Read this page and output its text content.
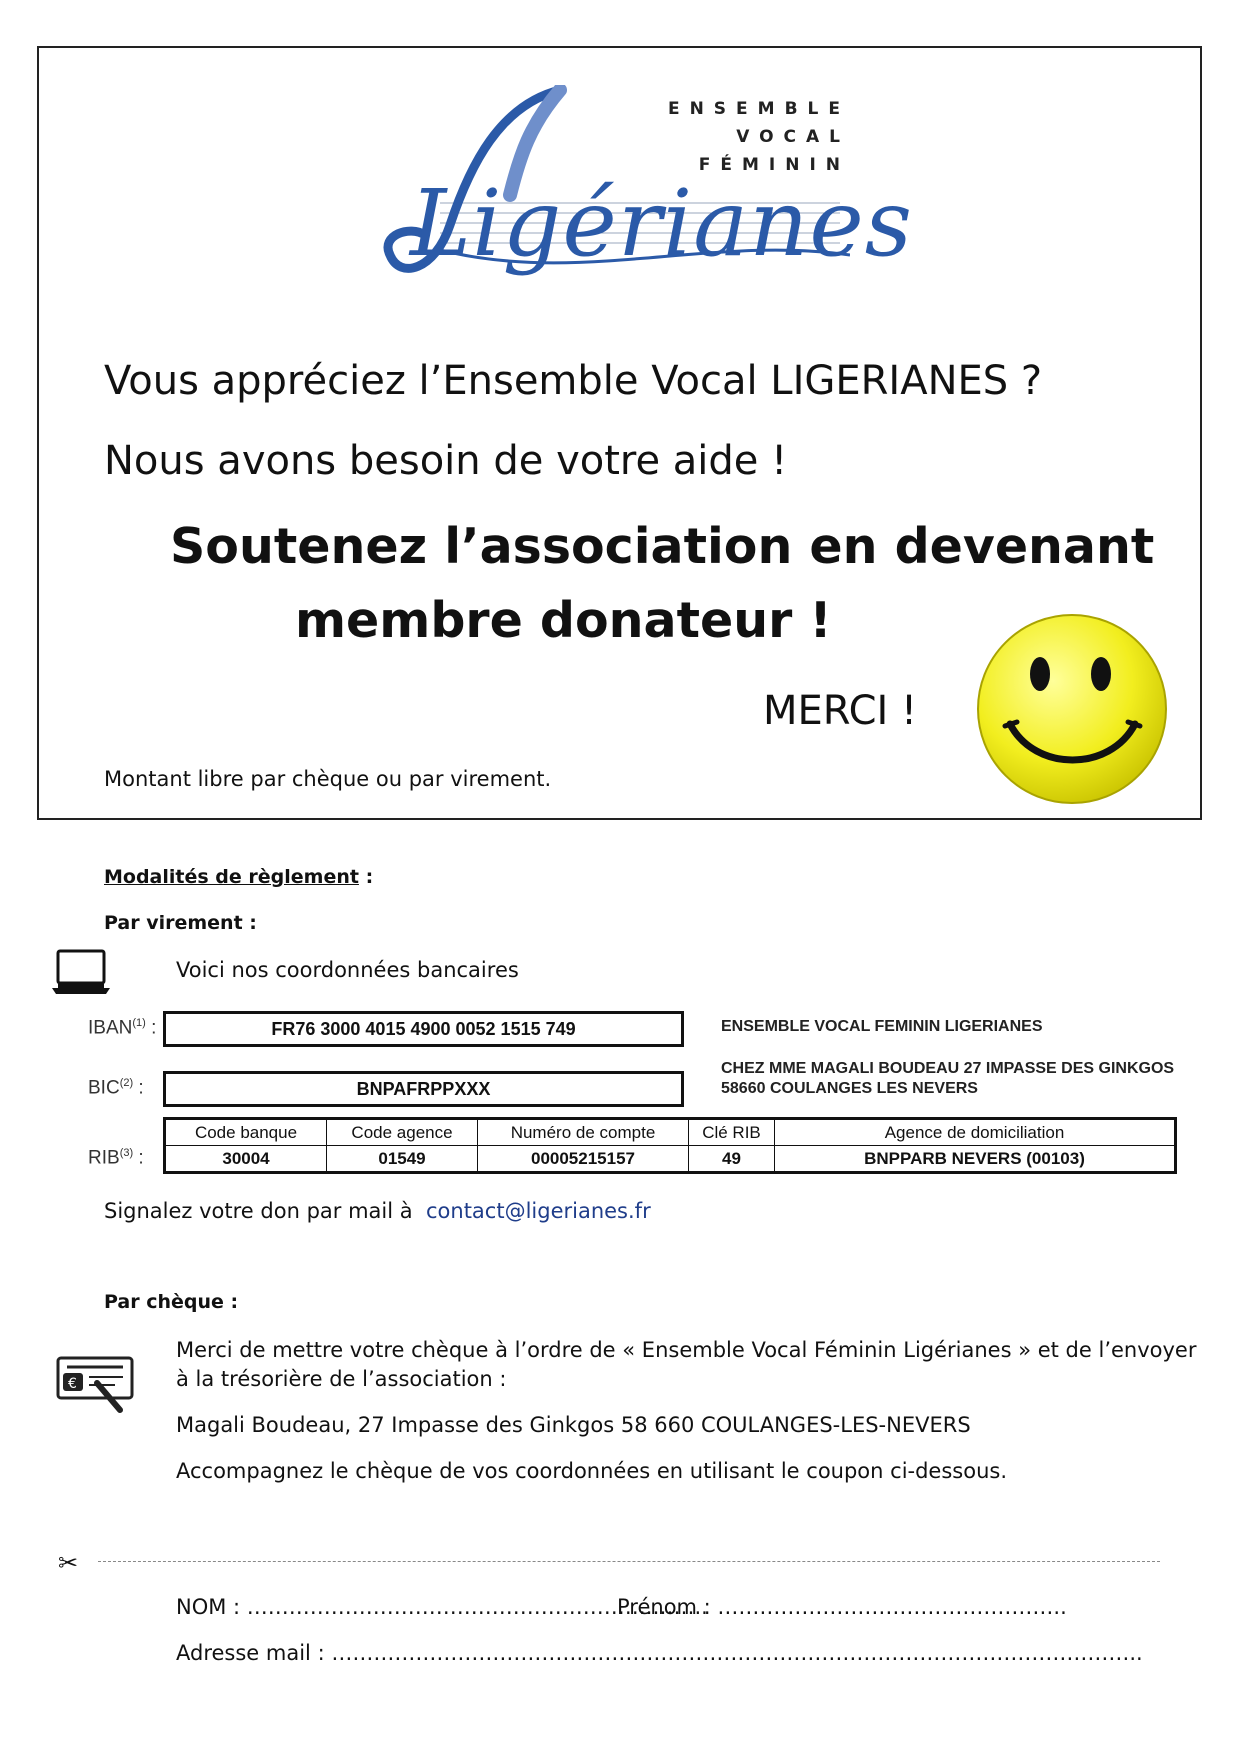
Ligérianes
ENSEMBLE
VOCAL
FÉMININ
Vous appréciez l’Ensemble Vocal LIGERIANES ?
Nous avons besoin de votre aide !
Soutenez l’association en devenant
membre donateur !
MERCI !
Montant libre par chèque ou par virement.
Modalités de règlement :
Par virement :
Voici nos coordonnées bancaires
IBAN$^{(1)}$ :	FR76 3000 4015 4900 0052 1515 749
BIC$^{(2)}$ :	BNPAFRPPXXX
ENSEMBLE VOCAL FEMININ LIGERIANES
CHEZ MME MAGALI BOUDEAU 27 IMPASSE DES GINKGOS
58660 COULANGES LES NEVERS
RIB$^{(3)}$ :
Code banque	Code agence	Numéro de compte	Clé RIB	Agence de domiciliation
30004	01549	00005215157	49	BNPPARB NEVERS (00103)
Signalez votre don par mail à contact@ligerianes.fr
Par chèque :
€
Merci de mettre votre chèque à l’ordre de « Ensemble Vocal Féminin Ligérianes » et de l’envoyer
à la trésorière de l’association :
Magali Boudeau, 27 Impasse des Ginkgos 58 660 COULANGES-LES-NEVERS
Accompagnez le chèque de vos coordonnées en utilisant le coupon ci-dessous.
✂
NOM : ………………………………………………….……..
Prénom : …………………………………………..
Adresse mail : ……………………………………………………………………………………………………..
